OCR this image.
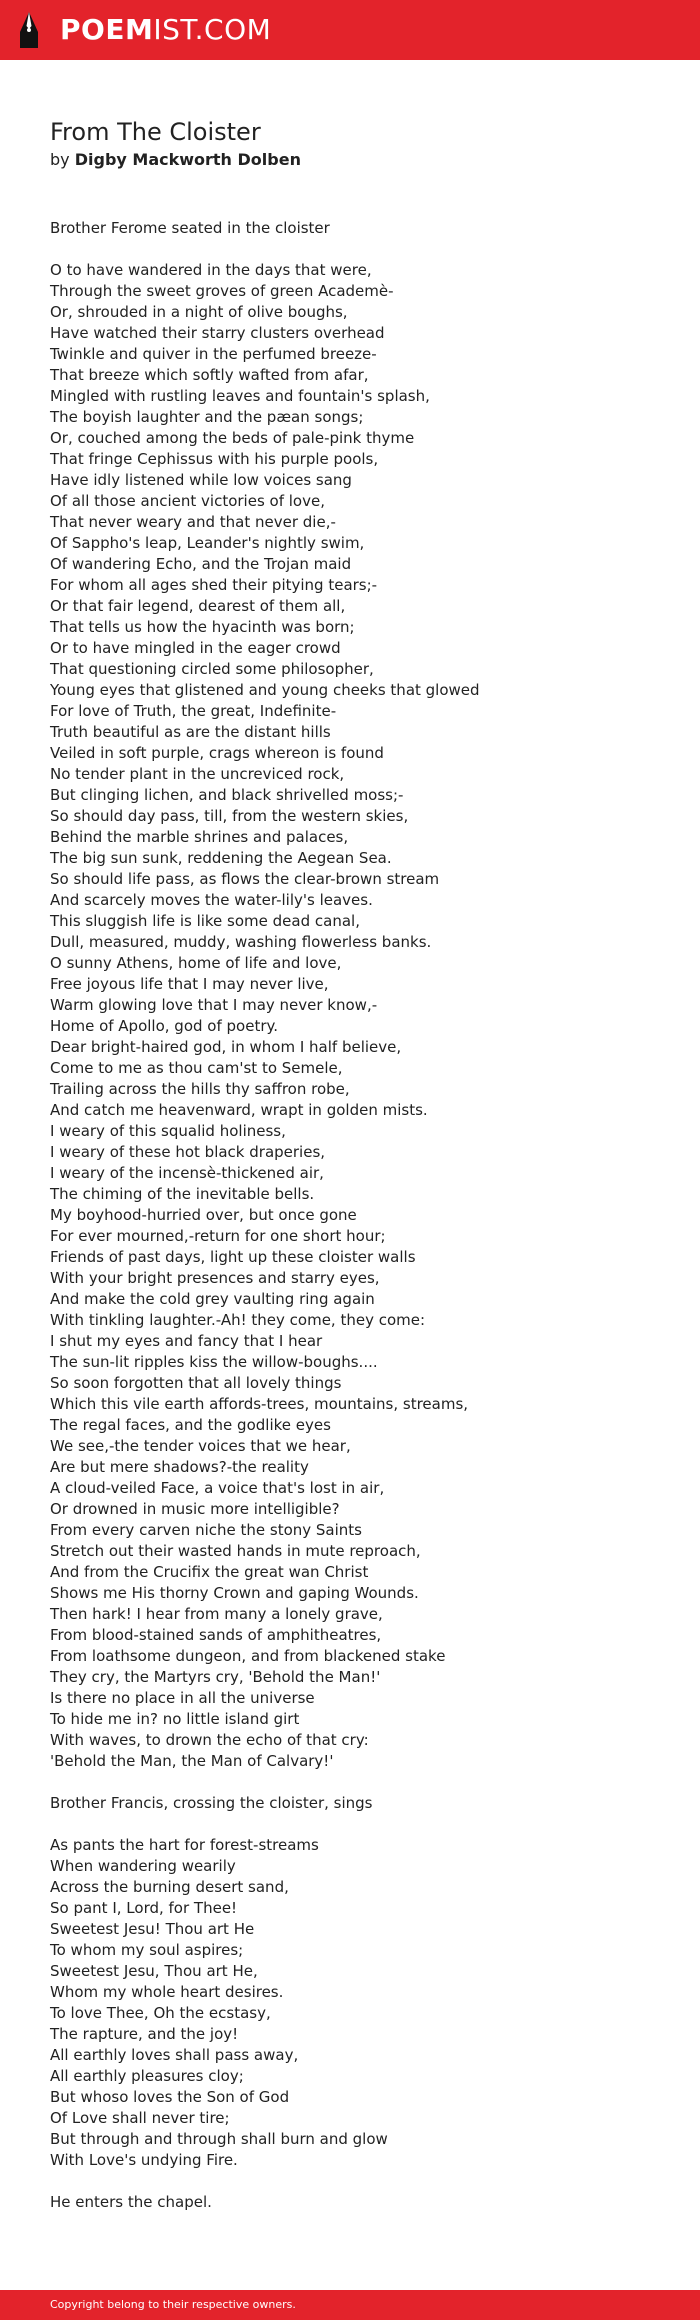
POEMIST.COM
From The Cloister

by Digby Mackworth Dolben

Brother Ferome seated in the cloister
O to have wandered in the days that were,
Through the sweet groves of green Academè-
Or, shrouded in a night of olive boughs,
Have watched their starry clusters overhead
Twinkle and quiver in the perfumed breeze-
That breeze which softly wafted from afar,
Mingled with rustling leaves and fountain's splash,
The boyish laughter and the pæan songs;
Or, couched among the beds of pale-pink thyme
That fringe Cephissus with his purple pools,
Have idly listened while low voices sang
Of all those ancient victories of love,
That never weary and that never die,-
Of Sappho's leap, Leander's nightly swim,
Of wandering Echo, and the Trojan maid
For whom all ages shed their pitying tears;-
Or that fair legend, dearest of them all,
That tells us how the hyacinth was born;
Or to have mingled in the eager crowd
That questioning circled some philosopher,
Young eyes that glistened and young cheeks that glowed
For love of Truth, the great, Indefinite-
Truth beautiful as are the distant hills
Veiled in soft purple, crags whereon is found
No tender plant in the uncreviced rock,
But clinging lichen, and black shrivelled moss;-
So should day pass, till, from the western skies,
Behind the marble shrines and palaces,
The big sun sunk, reddening the Aegean Sea.
So should life pass, as flows the clear-brown stream
And scarcely moves the water-lily's leaves.
This sluggish life is like some dead canal,
Dull, measured, muddy, washing flowerless banks.
O sunny Athens, home of life and love,
Free joyous life that I may never live,
Warm glowing love that I may never know,-
Home of Apollo, god of poetry.
Dear bright-haired god, in whom I half believe,
Come to me as thou cam'st to Semele,
Trailing across the hills thy saffron robe,
And catch me heavenward, wrapt in golden mists.
I weary of this squalid holiness,
I weary of these hot black draperies,
I weary of the incensè-thickened air,
The chiming of the inevitable bells.
My boyhood-hurried over, but once gone
For ever mourned,-return for one short hour;
Friends of past days, light up these cloister walls
With your bright presences and starry eyes,
And make the cold grey vaulting ring again
With tinkling laughter.-Ah! they come, they come:
I shut my eyes and fancy that I hear
The sun-lit ripples kiss the willow-boughs....
So soon forgotten that all lovely things
Which this vile earth affords-trees, mountains, streams,
The regal faces, and the godlike eyes
We see,-the tender voices that we hear,
Are but mere shadows?-the reality
A cloud-veiled Face, a voice that's lost in air,
Or drowned in music more intelligible?
From every carven niche the stony Saints
Stretch out their wasted hands in mute reproach,
And from the Crucifix the great wan Christ
Shows me His thorny Crown and gaping Wounds.
Then hark! I hear from many a lonely grave,
From blood-stained sands of amphitheatres,
From loathsome dungeon, and from blackened stake
They cry, the Martyrs cry, 'Behold the Man!'
Is there no place in all the universe
To hide me in? no little island girt
With waves, to drown the echo of that cry:
'Behold the Man, the Man of Calvary!'
Brother Francis, crossing the cloister, sings
As pants the hart for forest-streams
When wandering wearily
Across the burning desert sand,
So pant I, Lord, for Thee!
Sweetest Jesu! Thou art He
To whom my soul aspires;
Sweetest Jesu, Thou art He,
Whom my whole heart desires.
To love Thee, Oh the ecstasy,
The rapture, and the joy!
All earthly loves shall pass away,
All earthly pleasures cloy;
But whoso loves the Son of God
Of Love shall never tire;
But through and through shall burn and glow
With Love's undying Fire.
He enters the chapel.
Copyright belong to their respective owners.
